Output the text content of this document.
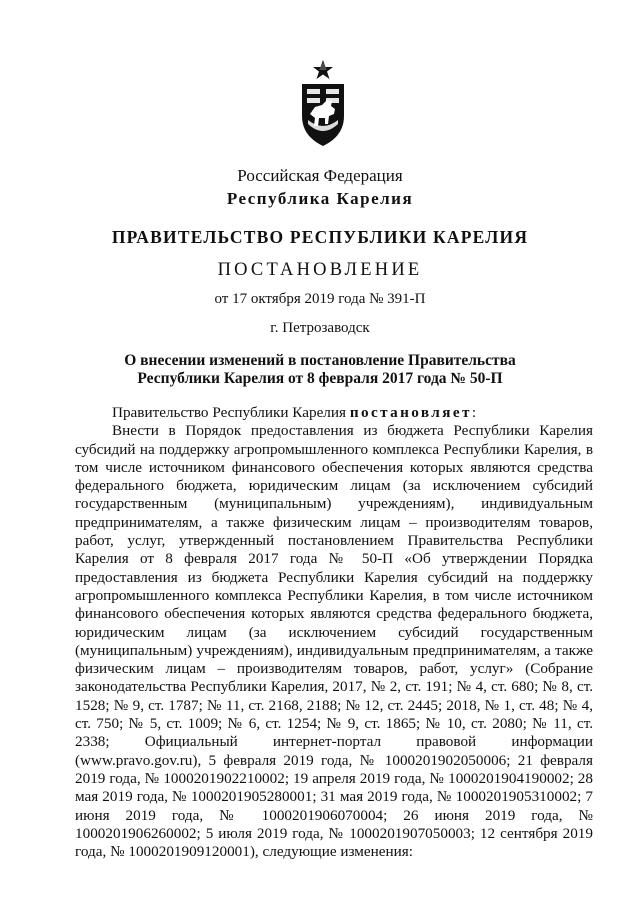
Российская Федерация
Республика Карелия
ПРАВИТЕЛЬСТВО РЕСПУБЛИКИ КАРЕЛИЯ
ПОСТАНОВЛЕНИЕ
от 17 октября 2019 года № 391-П
г. Петрозаводск
О внесении изменений в постановление Правительства
Республики Карелия от 8 февраля 2017 года № 50-П

Правительство Республики Карелия постановляет:

Внести в Порядок предоставления из бюджета Республики Карелия субсидий на поддержку агропромышленного комплекса Республики Карелия, в том числе источником финансового обеспечения которых являются средства федерального бюджета, юридическим лицам (за исключением субсидий государственным (муниципальным) учреждениям), индивидуальным предпринимателям, а также физическим лицам – производителям товаров, работ, услуг, утвержденный постановлением Правительства Республики Карелия от 8 февраля 2017 года № 50-П «Об утверждении Порядка предоставления из бюджета Республики Карелия субсидий на поддержку агропромышленного комплекса Республики Карелия, в том числе источником финансового обеспечения которых являются средства федерального бюджета, юридическим лицам (за исключением субсидий государственным (муниципальным) учреждениям), индивидуальным предпринимателям, а также физическим лицам – производителям товаров, работ, услуг» (Собрание законодательства Республики Карелия, 2017, № 2, ст. 191; № 4, ст. 680; № 8, ст. 1528; № 9, ст. 1787; № 11, ст. 2168, 2188; № 12, ст. 2445; 2018, № 1, ст. 48; № 4, ст. 750; № 5, ст. 1009; № 6, ст. 1254; № 9, ст. 1865; № 10, ст. 2080; № 11, ст. 2338; Официальный интернет-портал правовой информации (www.pravo.gov.ru), 5 февраля 2019 года, № 1000201902050006; 21 февраля 2019 года, № 1000201902210002; 19 апреля 2019 года, № 1000201904190002; 28 мая 2019 года, № 1000201905280001; 31 мая 2019 года, № 1000201905310002; 7 июня 2019 года, № 1000201906070004; 26 июня 2019 года, № 1000201906260002; 5 июля 2019 года, № 1000201907050003; 12 сентября 2019 года, № 1000201909120001), следующие изменения:
